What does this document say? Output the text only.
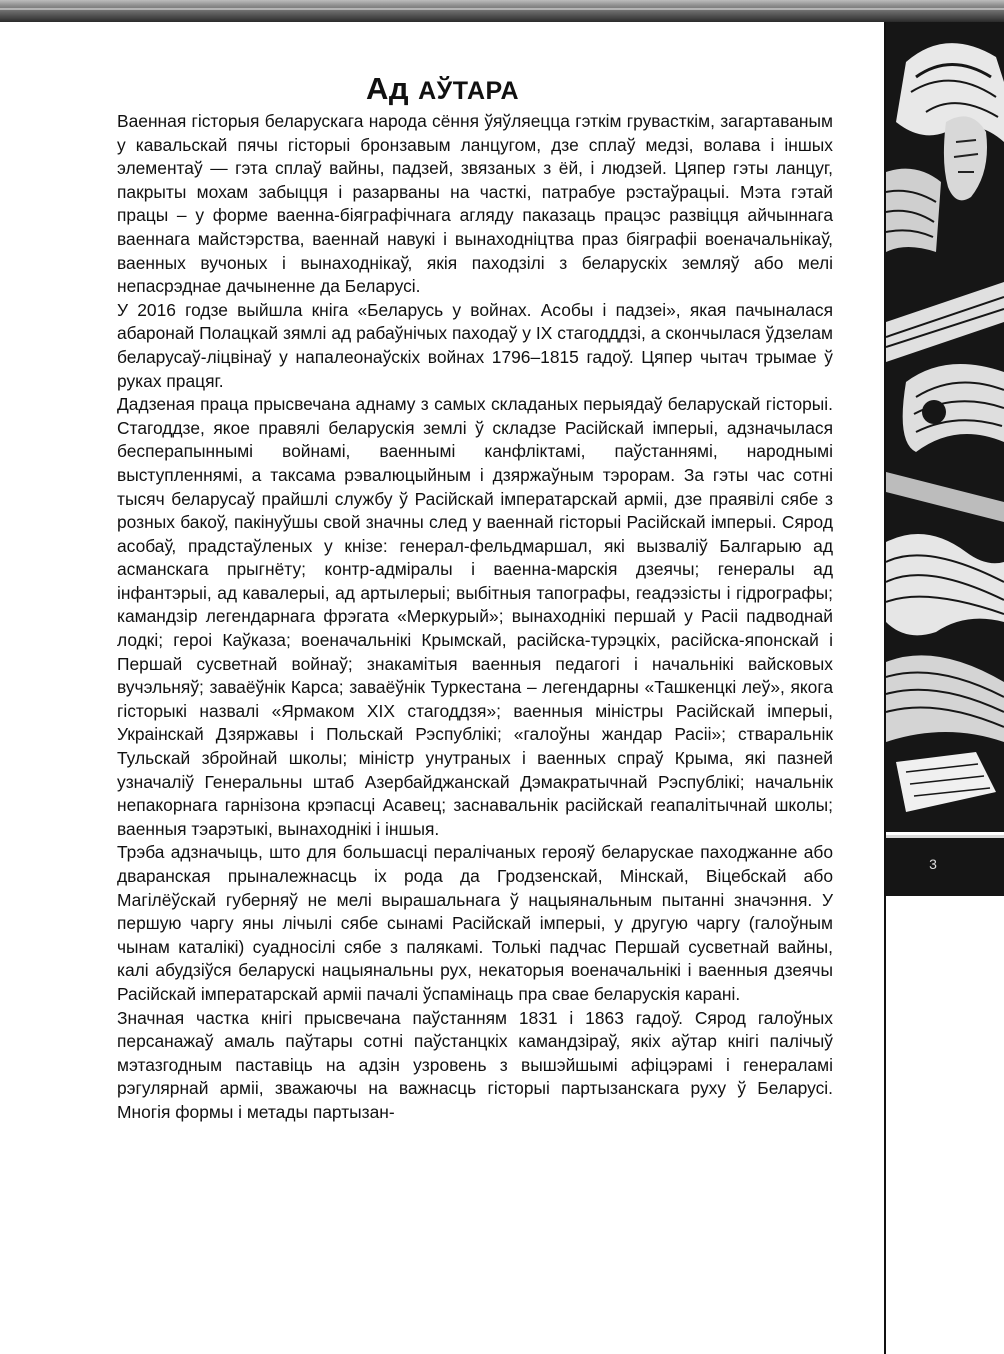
Ад АЎТАРА

Ваенная гісторыя беларускага народа сёння ўяўляецца гэткім грувасткім, загартаваным у кавальскай пячы гісторыі бронзавым ланцугом, дзе сплаў медзі, волава і іншых элементаў — гэта сплаў вайны, падзей, звязаных з ёй, і людзей. Цяпер гэты ланцуг, пакрыты мохам забыцця і разарваны на часткі, патрабуе рэстаўрацыі. Мэта гэтай працы – у форме ваенна-біяграфічнага агляду паказаць працэс развіцця айчыннага ваеннага майстэрства, ваеннай навукі і вынаходніцтва праз біяграфіі военачальнікаў, ваенных вучоных і вынаходнікаў, якія паходзілі з беларускіх земляў або мелі непасрэднае дачыненне да Беларусі.

У 2016 годзе выйшла кніга «Беларусь у войнах. Асобы і падзеі», якая пачыналася абаронай Полацкай зямлі ад рабаўнічых паходаў у IX стагодддзі, а скончылася ўдзелам беларусаў-ліцвінаў у напалеонаўскіх войнах 1796–1815 гадоў. Цяпер чытач трымае ў руках працяг.

Дадзеная праца прысвечана аднаму з самых складаных перыядаў беларускай гісторыі. Стагоддзе, якое правялі беларускія землі ў складзе Расійскай імперыі, адзначылася бесперапыннымі войнамі, ваеннымі канфліктамі, паўстаннямі, народнымі выступленнямі, а таксама рэвалюцыйным і дзяржаўным тэрорам. За гэты час сотні тысяч беларусаў прайшлі службу ў Расійскай імператарскай арміі, дзе праявілі сябе з розных бакоў, пакінуўшы свой значны след у ваеннай гісторыі Расійскай імперыі. Сярод асобаў, прадстаўленых у кнізе: генерал-фельдмаршал, які вызваліў Балгарыю ад асманскага прыгнёту; контр-адміралы і ваенна-марскія дзеячы; генералы ад інфантэрыі, ад кавалерыі, ад артылерыі; выбітныя тапографы, геадэзісты і гідрографы; камандзір легендарнага фрэгата «Меркурый»; вынаходнікі першай у Расіі падводнай лодкі; героі Каўказа; военачальнікі Крымскай, расійска-турэцкіх, расійска-японскай і Першай сусветнай войнаў; знакамітыя ваенныя педагогі і начальнікі вайсковых вучэльняў; заваёўнік Карса; заваёўнік Туркестана – легендарны «Ташкенцкі леў», якога гісторыкі назвалі «Ярмаком XIX стагоддзя»; ваенныя міністры Расійскай імперыі, Украінскай Дзяржавы і Польскай Рэспублікі; «галоўны жандар Расіі»; стваральнік Тульскай збройнай школы; міністр унутраных і ваенных спраў Крыма, які пазней узначаліў Генеральны штаб Азербайджанскай Дэмакратычнай Рэспублікі; начальнік непакорнага гарнізона крэпасці Асавец; заснавальнік расійскай геапалітычнай школы; ваенныя тэарэтыкі, вынаходнікі і іншыя.

Трэба адзначыць, што для большасці пералічаных герояў беларускае паходжанне або дваранская прыналежнасць іх рода да Гродзенскай, Мінскай, Віцебскай або Магілёўскай губерняў не мелі вырашальнага ў нацыянальным пытанні значэння. У першую чаргу яны лічылі сябе сынамі Расійскай імперыі, у другую чаргу (галоўным чынам каталікі) суадносілі сябе з палякамі. Толькі падчас Першай сусветнай вайны, калі абудзіўся беларускі нацыянальны рух, некаторыя военачальнікі і ваенныя дзеячы Расійскай імператарскай арміі пачалі ўспамінаць пра свае беларускія карані.

Значная частка кнігі прысвечана паўстанням 1831 і 1863 гадоў. Сярод галоўных персанажаў амаль паўтары сотні паўстанцкіх камандзіраў, якіх аўтар кнігі палічыў мэтазгодным паставіць на адзін узровень з вышэйшымі афіцэрамі і генераламі рэгулярнай арміі, зважаючы на важнасць гісторыі партызанскага руху ў Беларусі. Многія формы і метады партызан-

3
